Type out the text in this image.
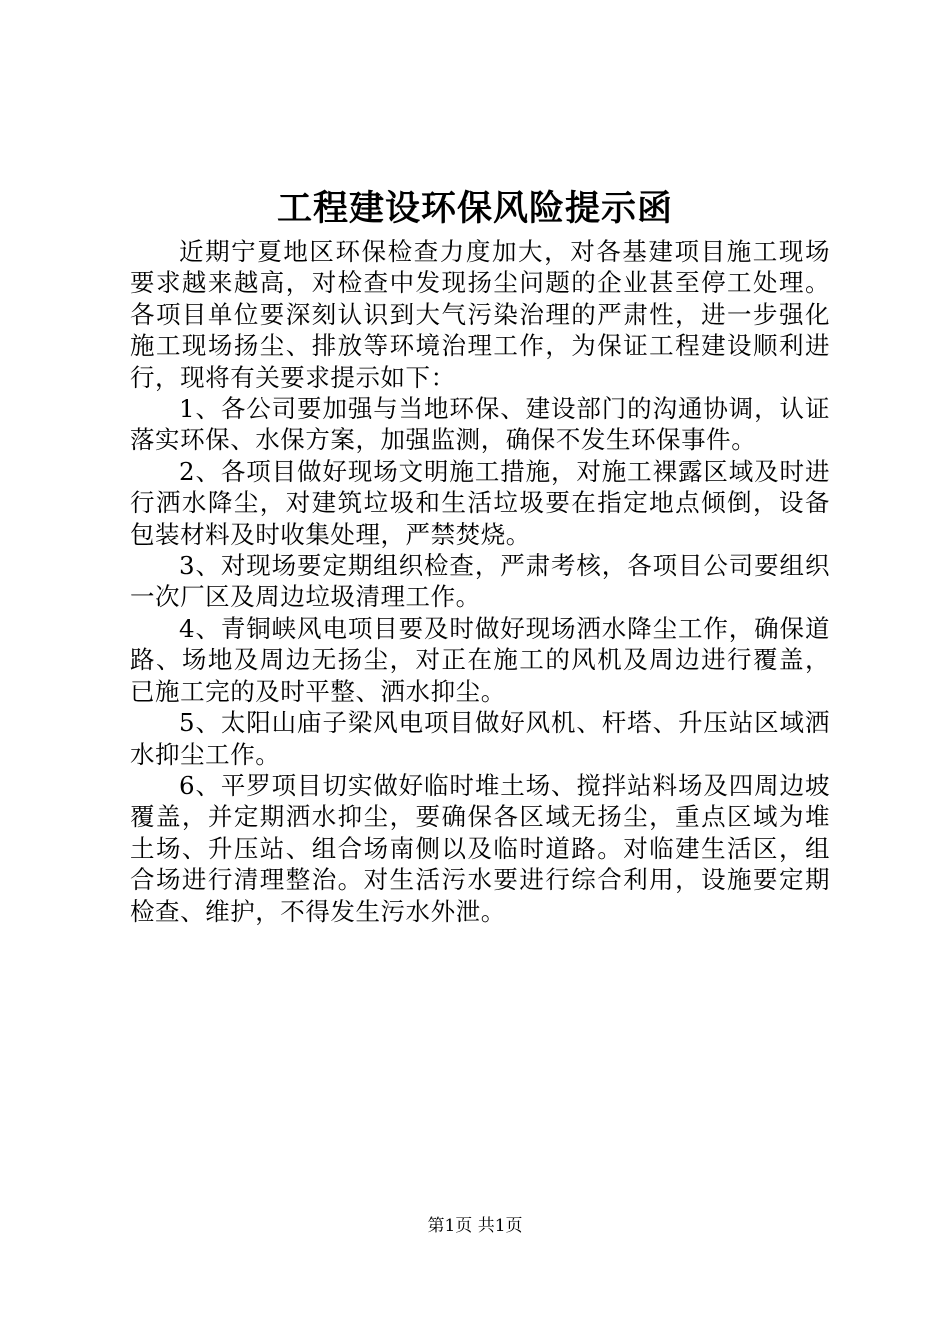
工程建设环保风险提示函

近期宁夏地区环保检查力度加大，对各基建项目施工现场要求越来越高，对检查中发现扬尘问题的企业甚至停工处理。各项目单位要深刻认识到大气污染治理的严肃性，进一步强化施工现场扬尘、排放等环境治理工作，为保证工程建设顺利进行，现将有关要求提示如下：

1、各公司要加强与当地环保、建设部门的沟通协调，认证落实环保、水保方案，加强监测，确保不发生环保事件。

2、各项目做好现场文明施工措施，对施工裸露区域及时进行洒水降尘，对建筑垃圾和生活垃圾要在指定地点倾倒，设备包装材料及时收集处理，严禁焚烧。

3、对现场要定期组织检查，严肃考核，各项目公司要组织一次厂区及周边垃圾清理工作。

4、青铜峡风电项目要及时做好现场洒水降尘工作，确保道路、场地及周边无扬尘，对正在施工的风机及周边进行覆盖，已施工完的及时平整、洒水抑尘。

5、太阳山庙子梁风电项目做好风机、杆塔、升压站区域洒水抑尘工作。

6、平罗项目切实做好临时堆土场、搅拌站料场及四周边坡覆盖，并定期洒水抑尘，要确保各区域无扬尘，重点区域为堆土场、升压站、组合场南侧以及临时道路。对临建生活区，组合场进行清理整治。对生活污水要进行综合利用，设施要定期检查、维护，不得发生污水外泄。

第1页 共1页
